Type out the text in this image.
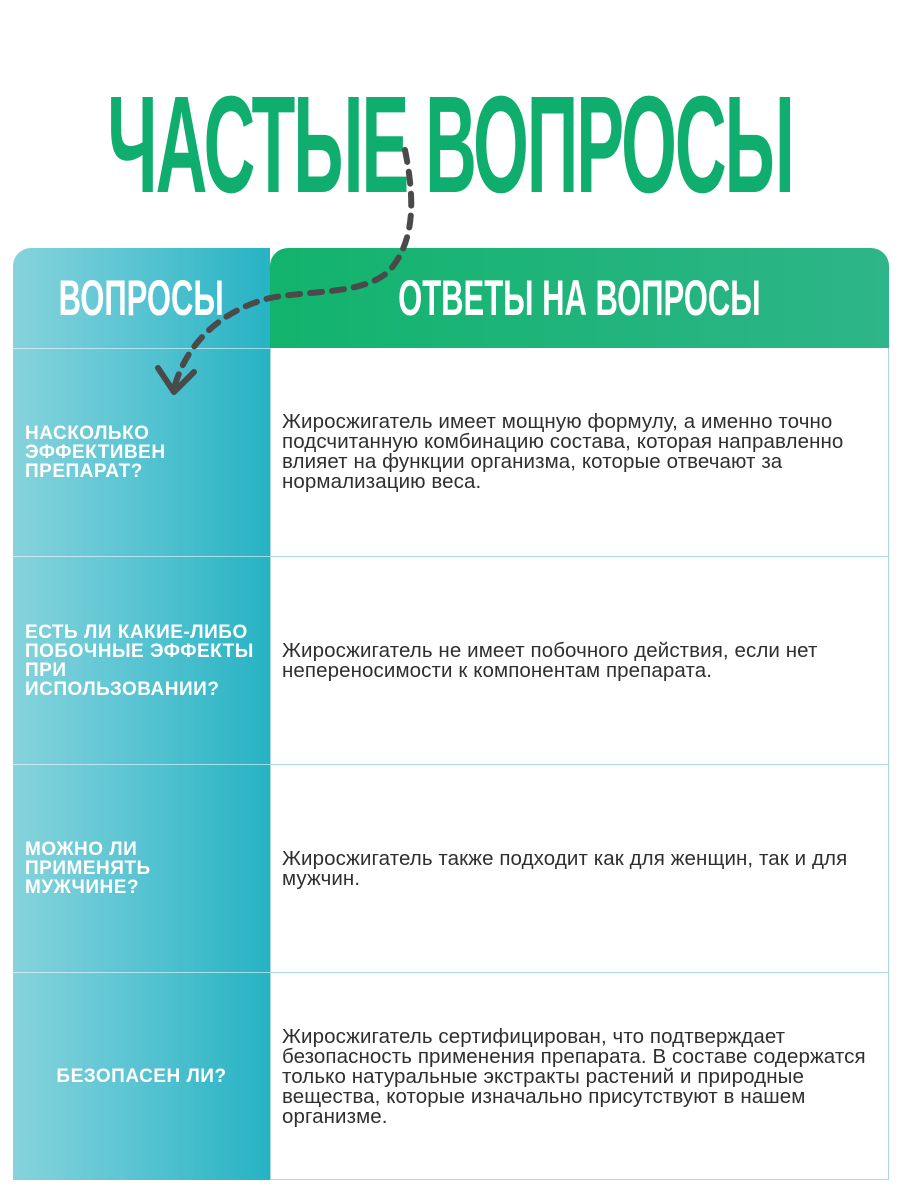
ЧАСТЫЕ ВОПРОСЫ
ВОПРОСЫ	ОТВЕТЫ НА ВОПРОСЫ
НАСКОЛЬКО ЭФФЕКТИВЕН ПРЕПАРАТ?
Жиросжигатель имеет мощную формулу, а именно точно подсчитанную комбинацию состава, которая направленно влияет на функции организма, которые отвечают за нормализацию веса.
ЕСТЬ ЛИ КАКИЕ-ЛИБО ПОБОЧНЫЕ ЭФФЕКТЫ ПРИ ИСПОЛЬЗОВАНИИ?
Жиросжигатель не имеет побочного действия, если нет непереносимости к компонентам препарата.
МОЖНО ЛИ ПРИМЕНЯТЬ МУЖЧИНЕ?
Жиросжигатель также подходит как для женщин, так и для мужчин.
БЕЗОПАСЕН ЛИ?
Жиросжигатель сертифицирован, что подтверждает безопасность применения препарата. В составе содержатся только натуральные экстракты растений и природные вещества, которые изначально присутствуют в нашем организме.
